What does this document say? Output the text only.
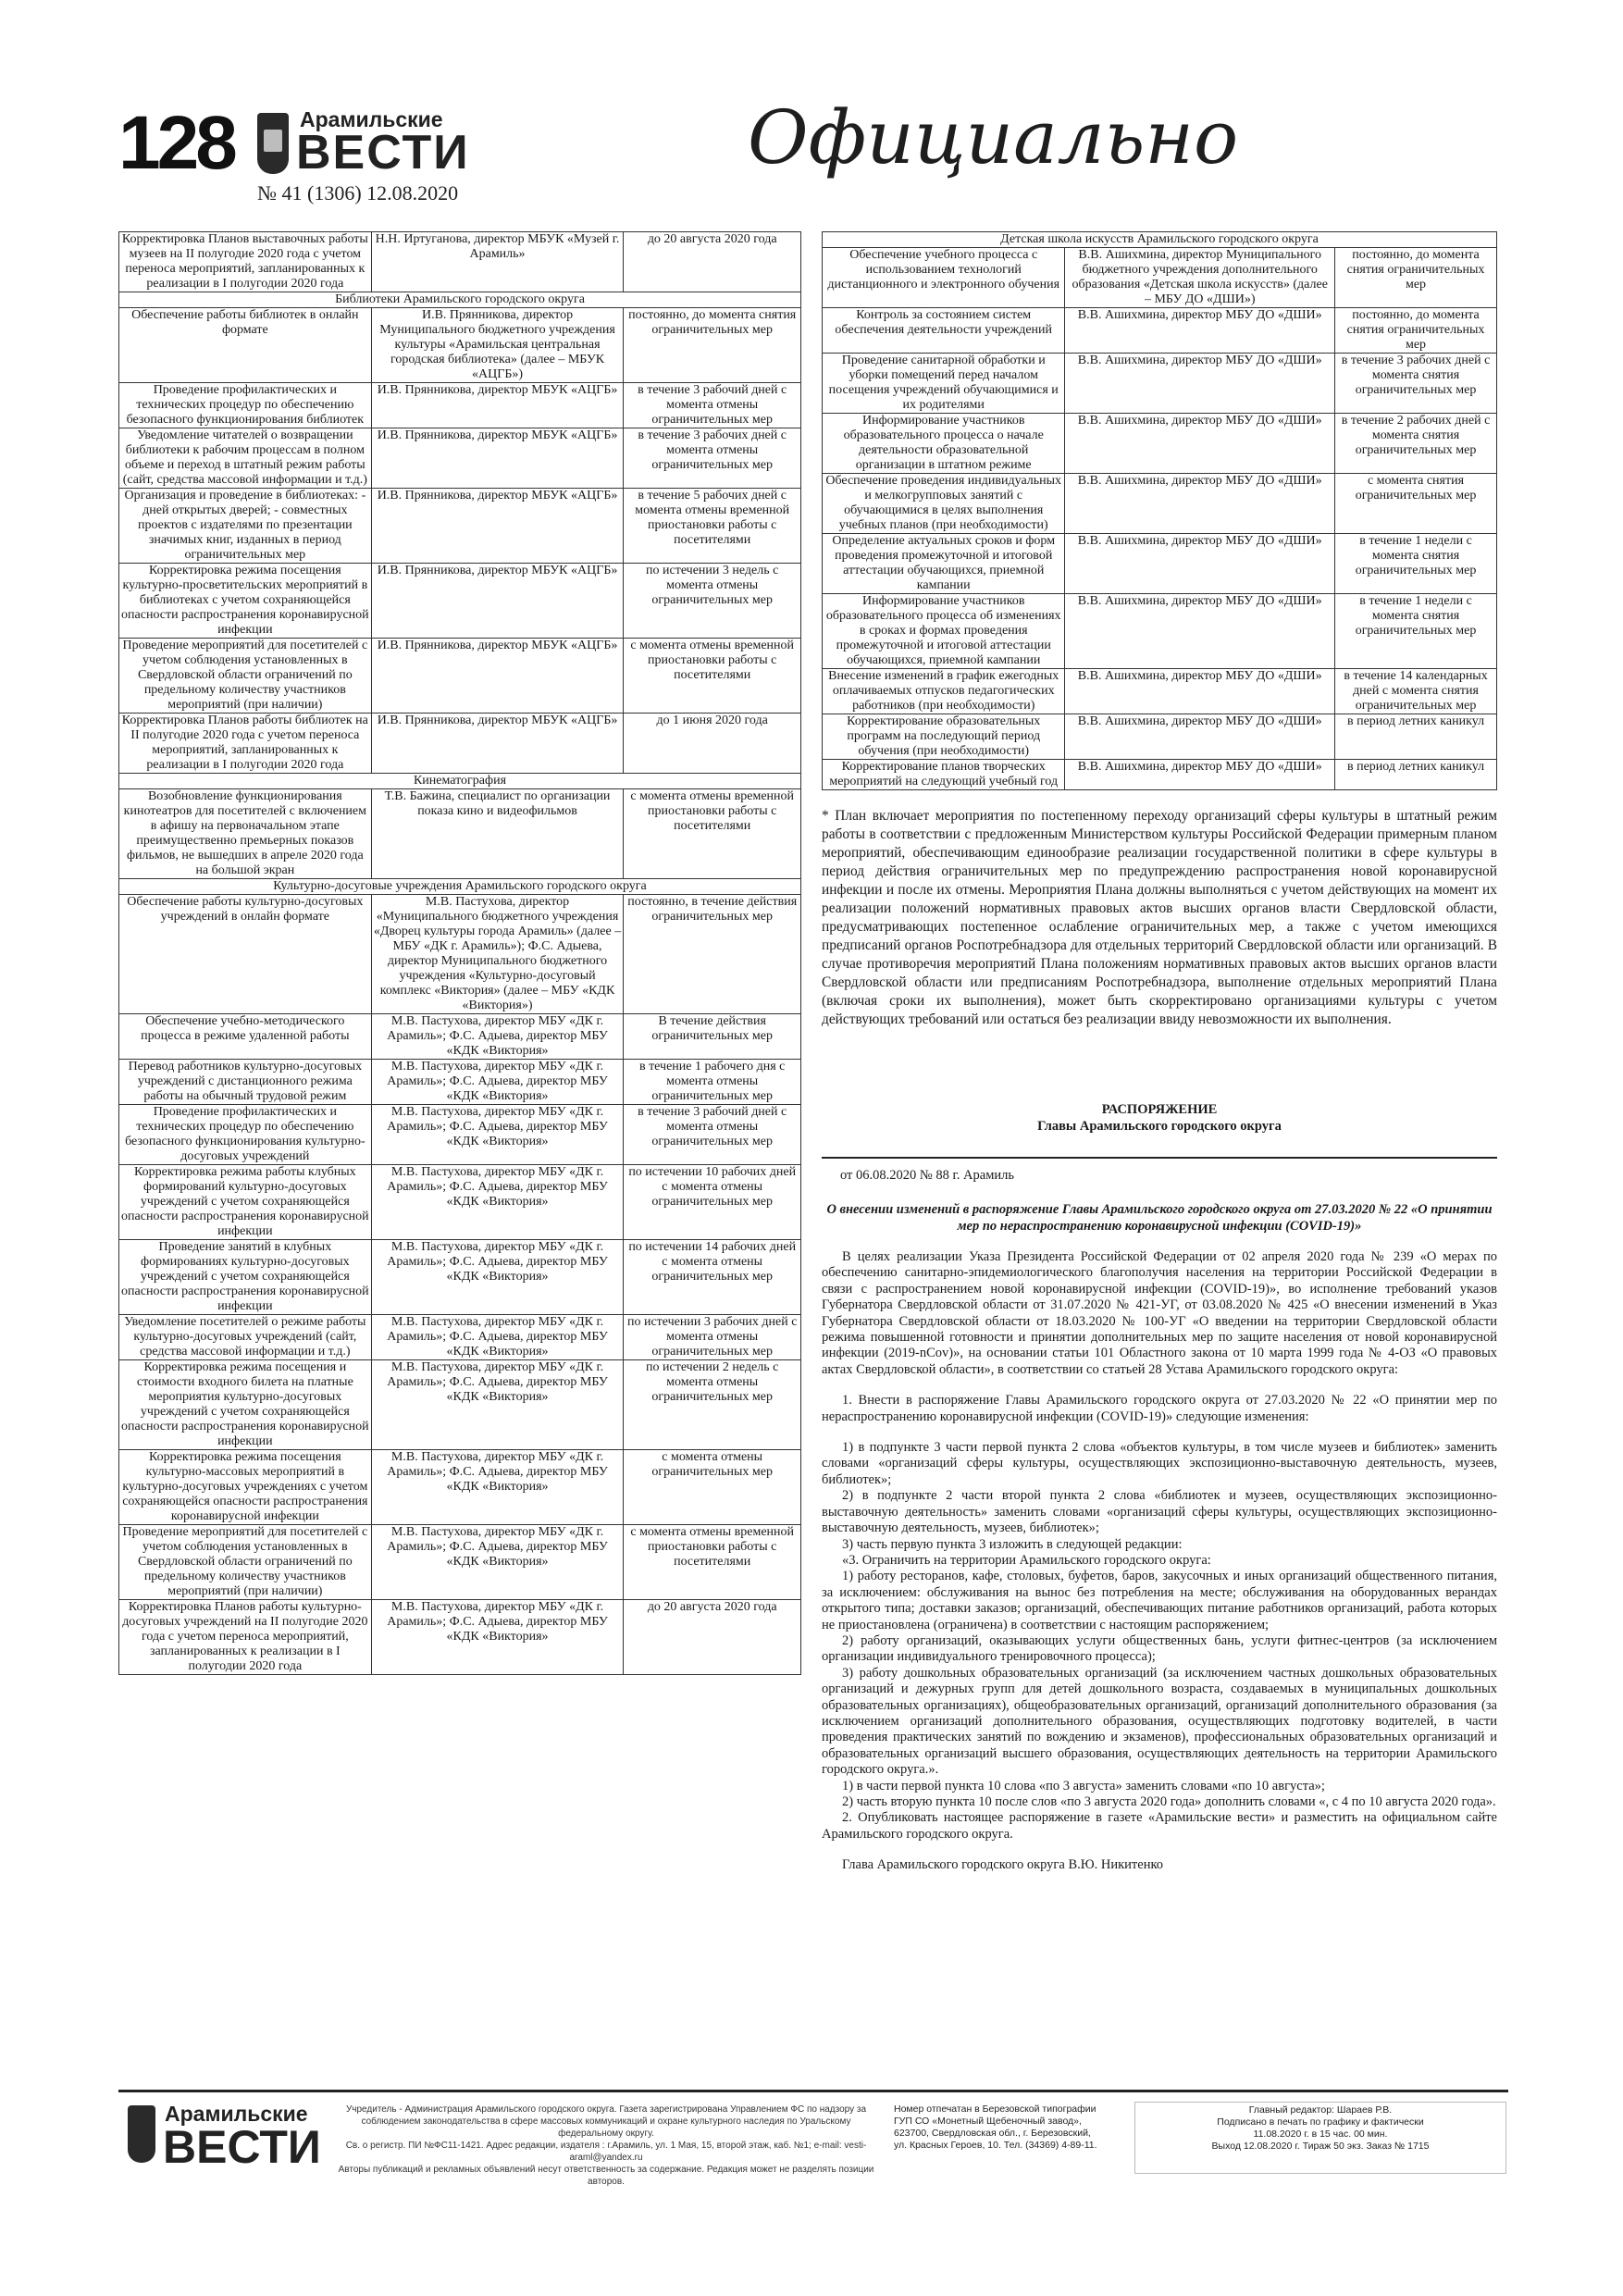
128	Арамильские
ВЕСТИ
№ 41 (1306) 12.08.2020
Официально
Корректировка Планов выставочных работы музеев на II полугодие 2020 года с учетом переноса мероприятий, запланированных к реализации в I полугодии 2020 года	Н.Н. Иртуганова, директор МБУК «Музей г. Арамиль»	до 20 августа 2020 года
Библиотеки Арамильского городского округа		
Обеспечение работы библиотек в онлайн формате	И.В. Прянникова, директор Муниципального бюджетного учреждения культуры «Арамильская центральная городская библиотека» (далее – МБУК «АЦГБ»)	постоянно, до момента снятия ограничительных мер
Проведение профилактических и технических процедур по обеспечению безопасного функционирования библиотек	И.В. Прянникова, директор МБУК «АЦГБ»	в течение 3 рабочий дней с момента отмены ограничительных мер
Уведомление читателей о возвращении библиотеки к рабочим процессам в полном объеме и переход в штатный режим работы (сайт, средства массовой информации и т.д.)	И.В. Прянникова, директор МБУК «АЦГБ»	в течение 3 рабочих дней с момента отмены ограничительных мер
Организация и проведение в библиотеках: - дней открытых дверей; - совместных проектов с издателями по презентации значимых книг, изданных в период ограничительных мер	И.В. Прянникова, директор МБУК «АЦГБ»	в течение 5 рабочих дней с момента отмены временной приостановки работы с посетителями
Корректировка режима посещения культурно-просветительских мероприятий в библиотеках с учетом сохраняющейся опасности распространения коронавирусной инфекции	И.В. Прянникова, директор МБУК «АЦГБ»	по истечении 3 недель с момента отмены ограничительных мер
Проведение мероприятий для посетителей с учетом соблюдения установленных в Свердловской области ограничений по предельному количеству участников мероприятий (при наличии)	И.В. Прянникова, директор МБУК «АЦГБ»	с момента отмены временной приостановки работы с посетителями
Корректировка Планов работы библиотек на II полугодие 2020 года с учетом переноса мероприятий, запланированных к реализации в I полугодии 2020 года	И.В. Прянникова, директор МБУК «АЦГБ»	до 1 июня 2020 года
Кинематография		
Возобновление функционирования кинотеатров для посетителей с включением в афишу на первоначальном этапе преимущественно премьерных показов фильмов, не вышедших в апреле 2020 года на большой экран	Т.В. Бажина, специалист по организации показа кино и видеофильмов	с момента отмены временной приостановки работы с посетителями
Культурно-досуговые учреждения Арамильского городского округа		
Обеспечение работы культурно-досуговых учреждений в онлайн формате	М.В. Пастухова, директор «Муниципального бюджетного учреждения «Дворец культуры города Арамиль» (далее – МБУ «ДК г. Арамиль»); Ф.С. Адыева, директор Муниципального бюджетного учреждения «Культурно-досуговый комплекс «Виктория» (далее – МБУ «КДК «Виктория»)	постоянно, в течение действия ограничительных мер
Обеспечение учебно-методического процесса в режиме удаленной работы	М.В. Пастухова, директор МБУ «ДК г. Арамиль»; Ф.С. Адыева, директор МБУ «КДК «Виктория»	В течение действия ограничительных мер
Перевод работников культурно-досуговых учреждений с дистанционного режима работы на обычный трудовой режим	М.В. Пастухова, директор МБУ «ДК г. Арамиль»; Ф.С. Адыева, директор МБУ «КДК «Виктория»	в течение 1 рабочего дня с момента отмены ограничительных мер
Проведение профилактических и технических процедур по обеспечению безопасного функционирования культурно-досуговых учреждений	М.В. Пастухова, директор МБУ «ДК г. Арамиль»; Ф.С. Адыева, директор МБУ «КДК «Виктория»	в течение 3 рабочий дней с момента отмены ограничительных мер
Корректировка режима работы клубных формирований культурно-досуговых учреждений с учетом сохраняющейся опасности распространения коронавирусной инфекции	М.В. Пастухова, директор МБУ «ДК г. Арамиль»; Ф.С. Адыева, директор МБУ «КДК «Виктория»	по истечении 10 рабочих дней с момента отмены ограничительных мер
Проведение занятий в клубных формированиях культурно-досуговых учреждений с учетом сохраняющейся опасности распространения коронавирусной инфекции	М.В. Пастухова, директор МБУ «ДК г. Арамиль»; Ф.С. Адыева, директор МБУ «КДК «Виктория»	по истечении 14 рабочих дней с момента отмены ограничительных мер
Уведомление посетителей о режиме работы культурно-досуговых учреждений (сайт, средства массовой информации и т.д.)	М.В. Пастухова, директор МБУ «ДК г. Арамиль»; Ф.С. Адыева, директор МБУ «КДК «Виктория»	по истечении 3 рабочих дней с момента отмены ограничительных мер
Корректировка режима посещения и стоимости входного билета на платные мероприятия культурно-досуговых учреждений с учетом сохраняющейся опасности распространения коронавирусной инфекции	М.В. Пастухова, директор МБУ «ДК г. Арамиль»; Ф.С. Адыева, директор МБУ «КДК «Виктория»	по истечении 2 недель с момента отмены ограничительных мер
Корректировка режима посещения культурно-массовых мероприятий в культурно-досуговых учреждениях с учетом сохраняющейся опасности распространения коронавирусной инфекции	М.В. Пастухова, директор МБУ «ДК г. Арамиль»; Ф.С. Адыева, директор МБУ «КДК «Виктория»	с момента отмены ограничительных мер
Проведение мероприятий для посетителей с учетом соблюдения установленных в Свердловской области ограничений по предельному количеству участников мероприятий (при наличии)	М.В. Пастухова, директор МБУ «ДК г. Арамиль»; Ф.С. Адыева, директор МБУ «КДК «Виктория»	с момента отмены временной приостановки работы с посетителями
Корректировка Планов работы культурно-досуговых учреждений на II полугодие 2020 года с учетом переноса мероприятий, запланированных к реализации в I полугодии 2020 года	М.В. Пастухова, директор МБУ «ДК г. Арамиль»; Ф.С. Адыева, директор МБУ «КДК «Виктория»	до 20 августа 2020 года
Детская школа искусств Арамильского городского округа		
Обеспечение учебного процесса с использованием технологий дистанционного и электронного обучения	В.В. Ашихмина, директор Муниципального бюджетного учреждения дополнительного образования «Детская школа искусств» (далее – МБУ ДО «ДШИ»)	постоянно, до момента снятия ограничительных мер
Контроль за состоянием систем обеспечения деятельности учреждений	В.В. Ашихмина, директор МБУ ДО «ДШИ»	постоянно, до момента снятия ограничительных мер
Проведение санитарной обработки и уборки помещений перед началом посещения учреждений обучающимися и их родителями	В.В. Ашихмина, директор МБУ ДО «ДШИ»	в течение 3 рабочих дней с момента снятия ограничительных мер
Информирование участников образовательного процесса о начале деятельности образовательной организации в штатном режиме	В.В. Ашихмина, директор МБУ ДО «ДШИ»	в течение 2 рабочих дней с момента снятия ограничительных мер
Обеспечение проведения индивидуальных и мелкогрупповых занятий с обучающимися в целях выполнения учебных планов (при необходимости)	В.В. Ашихмина, директор МБУ ДО «ДШИ»	с момента снятия ограничительных мер
Определение актуальных сроков и форм проведения промежуточной и итоговой аттестации обучающихся, приемной кампании	В.В. Ашихмина, директор МБУ ДО «ДШИ»	в течение 1 недели с момента снятия ограничительных мер
Информирование участников образовательного процесса об изменениях в сроках и формах проведения промежуточной и итоговой аттестации обучающихся, приемной кампании	В.В. Ашихмина, директор МБУ ДО «ДШИ»	в течение 1 недели с момента снятия ограничительных мер
Внесение изменений в график ежегодных оплачиваемых отпусков педагогических работников (при необходимости)	В.В. Ашихмина, директор МБУ ДО «ДШИ»	в течение 14 календарных дней с момента снятия ограничительных мер
Корректирование образовательных программ на последующий период обучения (при необходимости)	В.В. Ашихмина, директор МБУ ДО «ДШИ»	в период летних каникул
Корректирование планов творческих мероприятий на следующий учебный год	В.В. Ашихмина, директор МБУ ДО «ДШИ»	в период летних каникул

* План включает мероприятия по постепенному переходу организаций сферы культуры в штатный режим работы в соответствии с предложенным Министерством культуры Российской Федерации примерным планом мероприятий, обеспечивающим единообразие реализации государственной политики в сфере культуры в период действия ограничительных мер по предупреждению распространения новой коронавирусной инфекции и после их отмены. Мероприятия Плана должны выполняться с учетом действующих на момент их реализации положений нормативных правовых актов высших органов власти Свердловской области, предусматривающих постепенное ослабление ограничительных мер, а также с учетом имеющихся предписаний органов Роспотребнадзора для отдельных территорий Свердловской области или организаций. В случае противоречия мероприятий Плана положениям нормативных правовых актов высших органов власти Свердловской области или предписаниям Роспотребнадзора, выполнение отдельных мероприятий Плана (включая сроки их выполнения), может быть скорректировано организациями культуры с учетом действующих требований или остаться без реализации ввиду невозможности их выполнения.

РАСПОРЯЖЕНИЕ
Главы Арамильского городского округа
от 06.08.2020 № 88 г. Арамиль
О внесении изменений в распоряжение Главы Арамильского городского округа от 27.03.2020 № 22 «О принятии мер по нераспространению коронавирусной инфекции (COVID-19)»

В целях реализации Указа Президента Российской Федерации от 02 апреля 2020 года № 239 «О мерах по обеспечению санитарно-эпидемиологического благополучия населения на территории Российской Федерации в связи с распространением новой коронавирусной инфекции (COVID-19)», во исполнение требований указов Губернатора Свердловской области от 31.07.2020 № 421-УГ, от 03.08.2020 № 425 «О внесении изменений в Указ Губернатора Свердловской области от 18.03.2020 № 100-УГ «О введении на территории Свердловской области режима повышенной готовности и принятии дополнительных мер по защите населения от новой коронавирусной инфекции (2019-nCov)», на основании статьи 101 Областного закона от 10 марта 1999 года № 4-ОЗ «О правовых актах Свердловской области», в соответствии со статьей 28 Устава Арамильского городского округа:

1. Внести в распоряжение Главы Арамильского городского округа от 27.03.2020 № 22 «О принятии мер по нераспространению коронавирусной инфекции (COVID-19)» следующие изменения:

1) в подпункте 3 части первой пункта 2 слова «объектов культуры, в том числе музеев и библиотек» заменить словами «организаций сферы культуры, осуществляющих экспозиционно-выставочную деятельность, музеев, библиотек»;

2) в подпункте 2 части второй пункта 2 слова «библиотек и музеев, осуществляющих экспозиционно-выставочную деятельность» заменить словами «организаций сферы культуры, осуществляющих экспозиционно-выставочную деятельность, музеев, библиотек»;

3) часть первую пункта 3 изложить в следующей редакции:

«3. Ограничить на территории Арамильского городского округа:

1) работу ресторанов, кафе, столовых, буфетов, баров, закусочных и иных организаций общественного питания, за исключением: обслуживания на вынос без потребления на месте; обслуживания на оборудованных верандах открытого типа; доставки заказов; организаций, обеспечивающих питание работников организаций, работа которых не приостановлена (ограничена) в соответствии с настоящим распоряжением;

2) работу организаций, оказывающих услуги общественных бань, услуги фитнес-центров (за исключением организации индивидуального тренировочного процесса);

3) работу дошкольных образовательных организаций (за исключением частных дошкольных образовательных организаций и дежурных групп для детей дошкольного возраста, создаваемых в муниципальных дошкольных образовательных организациях), общеобразовательных организаций, организаций дополнительного образования (за исключением организаций дополнительного образования, осуществляющих подготовку водителей, в части проведения практических занятий по вождению и экзаменов), профессиональных образовательных организаций и образовательных организаций высшего образования, осуществляющих деятельность на территории Арамильского городского округа.».

1) в части первой пункта 10 слова «по 3 августа» заменить словами «по 10 августа»;

2) часть вторую пункта 10 после слов «по 3 августа 2020 года» дополнить словами «, с 4 по 10 августа 2020 года».

2. Опубликовать настоящее распоряжение в газете «Арамильские вести» и разместить на официальном сайте Арамильского городского округа.

Глава Арамильского городского округа В.Ю. Никитенко

Арамильские
ВЕСТИ
Учредитель - Администрация Арамильского городского округа. Газета зарегистрирована Управлением ФС по надзору за соблюдением законодательства в сфере массовых коммуникаций и охране культурного наследия по Уральскому федеральному округу.
Св. о регистр. ПИ №ФС11-1421. Адрес редакции, издателя : г.Арамиль, ул. 1 Мая, 15, второй этаж, каб. №1; e-mail: vesti-araml@yandex.ru
Авторы публикаций и рекламных объявлений несут ответственность за содержание. Редакция может не разделять позиции авторов.
Номер отпечатан в Березовской типографии
ГУП СО «Монетный Щебеночный завод»,
623700, Свердловская обл., г. Березовский,
ул. Красных Героев, 10. Тел. (34369) 4-89-11.
Главный редактор: Шараев Р.В.
Подписано в печать по графику и фактически
11.08.2020 г. в 15 час. 00 мин.
Выход 12.08.2020 г. Тираж 50 экз. Заказ № 1715
